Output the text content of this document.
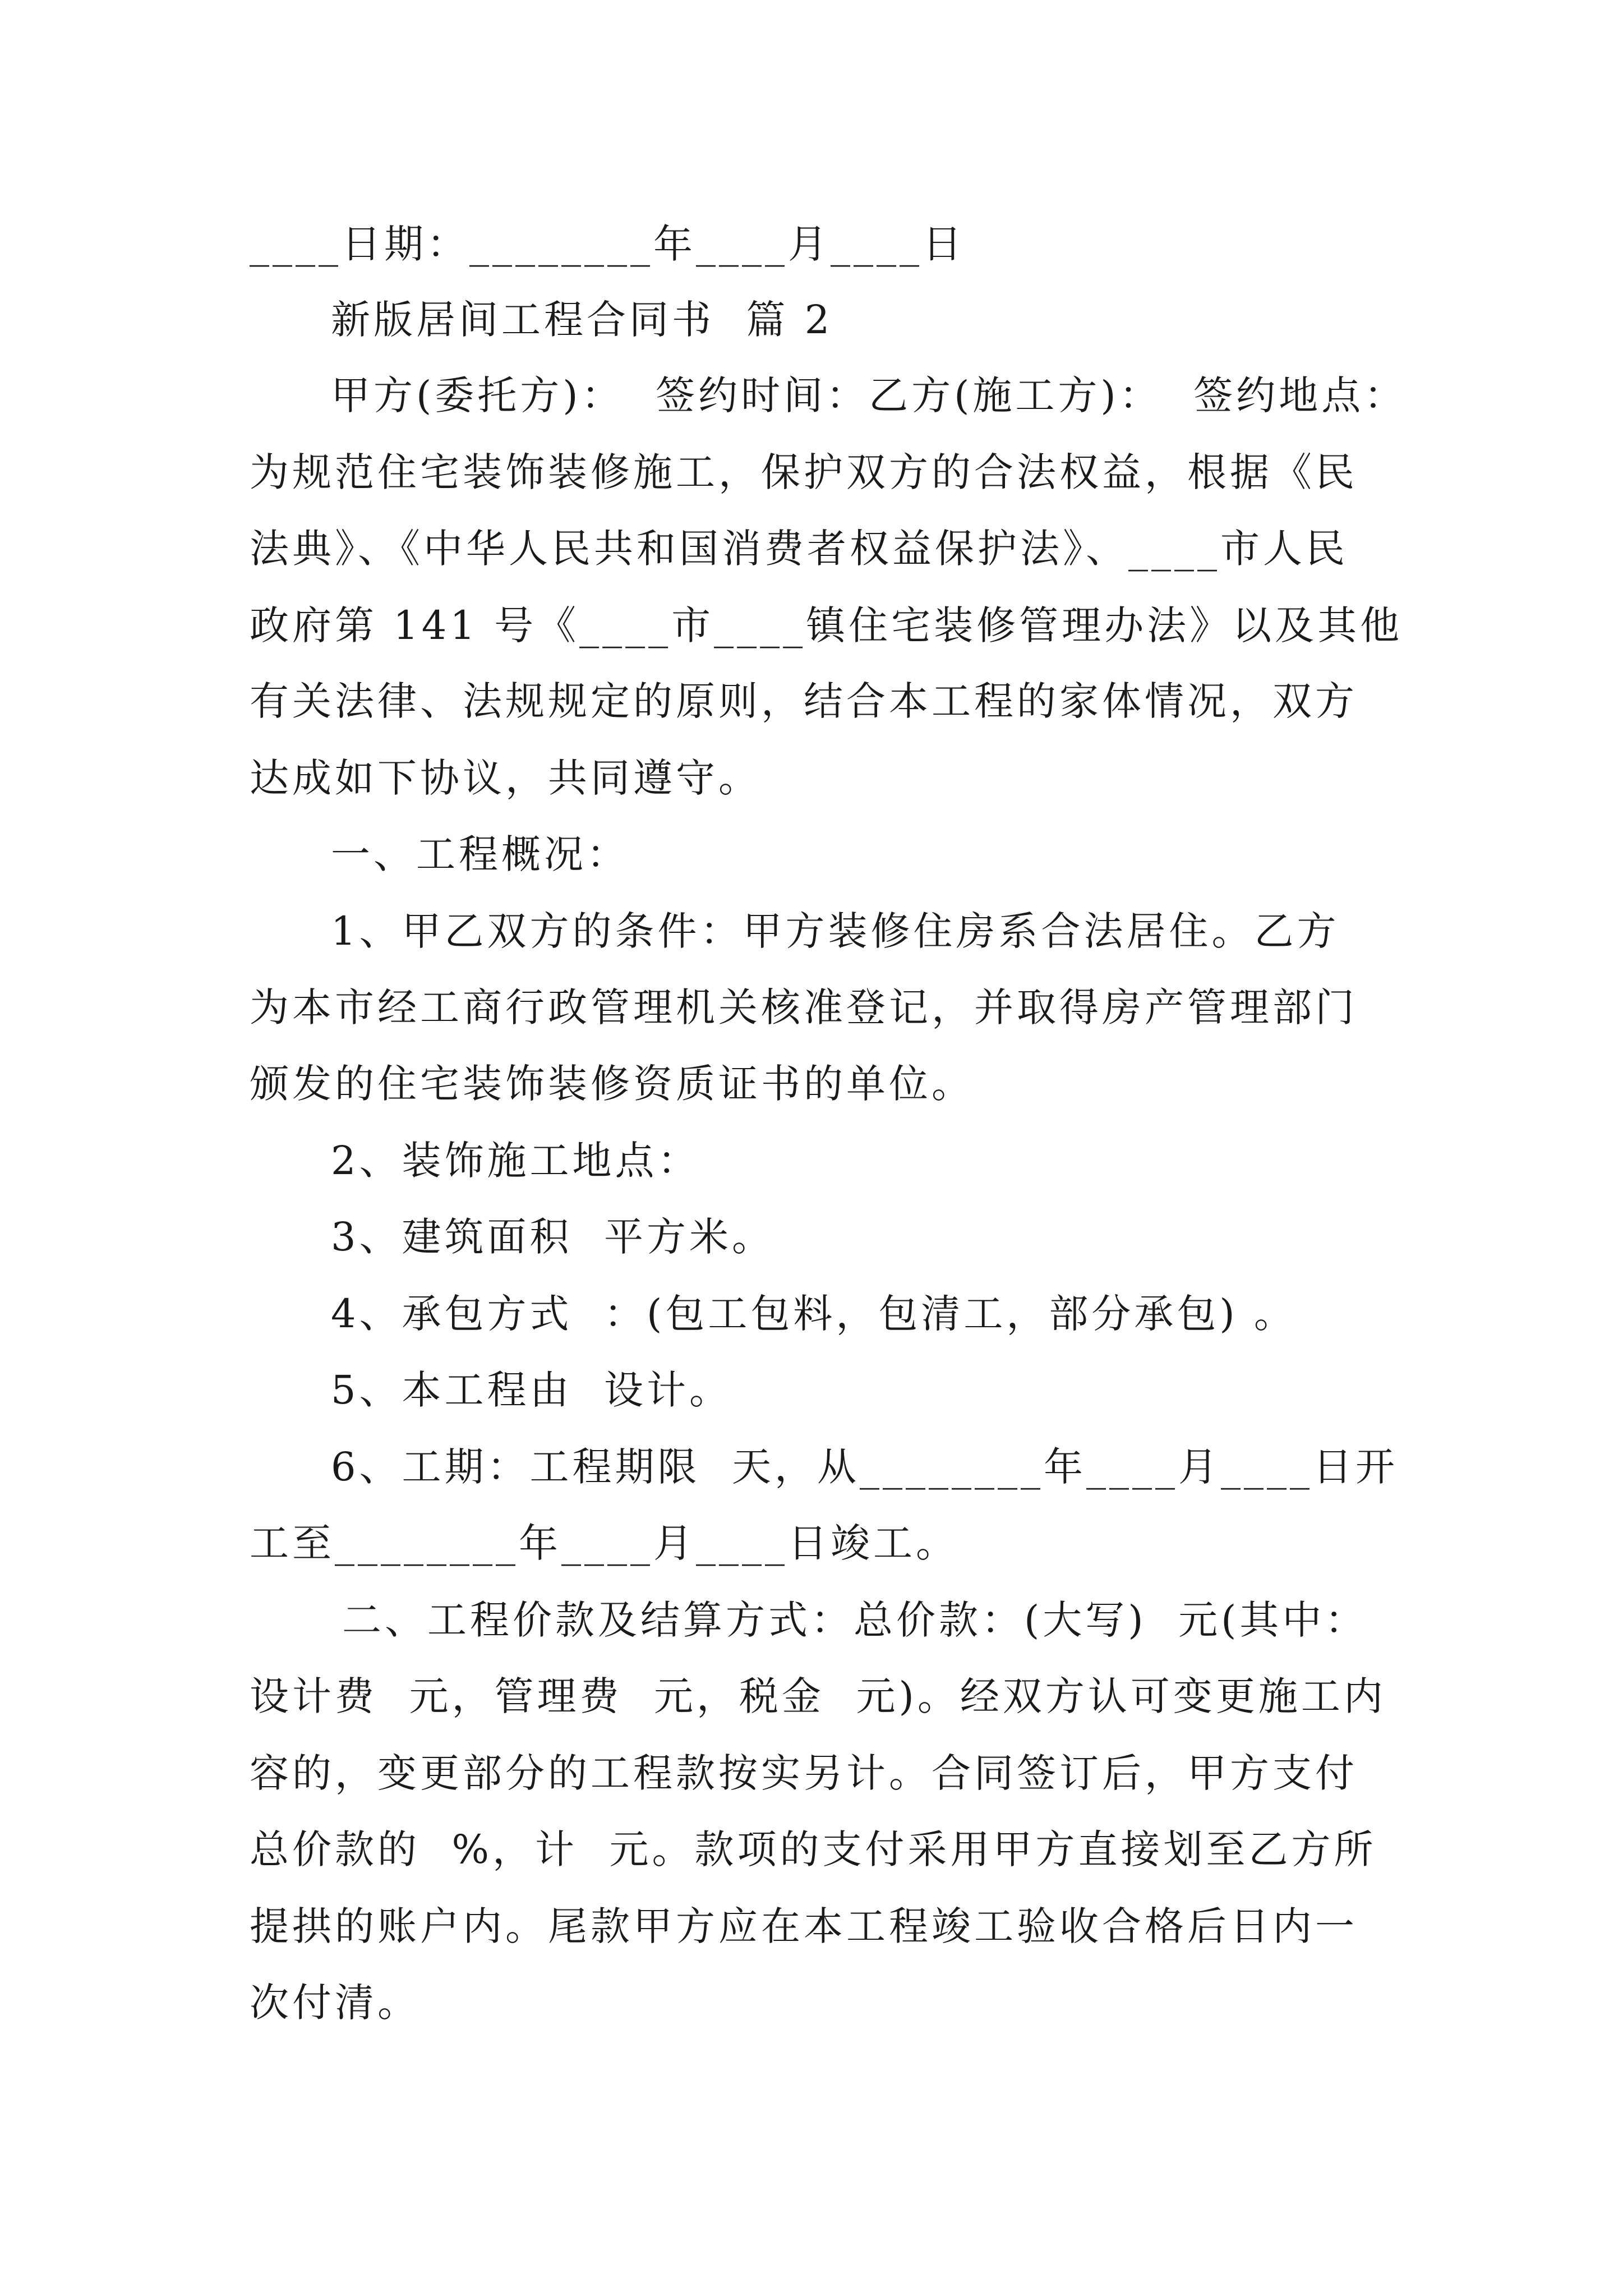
____日期：________年____月____日
新版居间工程合同书  篇 2
甲方(委托方)：  签约时间：乙方(施工方)：  签约地点：
为规范住宅装饰装修施工，保护双方的合法权益，根据《民
法典》、《中华人民共和国消费者权益保护法》、____市人民
政府第 141 号《____市____镇住宅装修管理办法》以及其他
有关法律、法规规定的原则，结合本工程的家体情况，双方
达成如下协议，共同遵守。
一、工程概况：
1、甲乙双方的条件：甲方装修住房系合法居住。乙方
为本市经工商行政管理机关核准登记，并取得房产管理部门
颁发的住宅装饰装修资质证书的单位。
2、装饰施工地点：
3、建筑面积  平方米。
4、承包方式  ：(包工包料，包清工，部分承包) 。
5、本工程由  设计。
6、工期：工程期限  天，从________年____月____日开
工至________年____月____日竣工。
二、工程价款及结算方式：总价款：(大写)  元(其中：
设计费  元，管理费  元，税金  元)。经双方认可变更施工内
容的，变更部分的工程款按实另计。合同签订后，甲方支付
总价款的  %，计  元。款项的支付采用甲方直接划至乙方所
提拱的账户内。尾款甲方应在本工程竣工验收合格后日内一
次付清。
